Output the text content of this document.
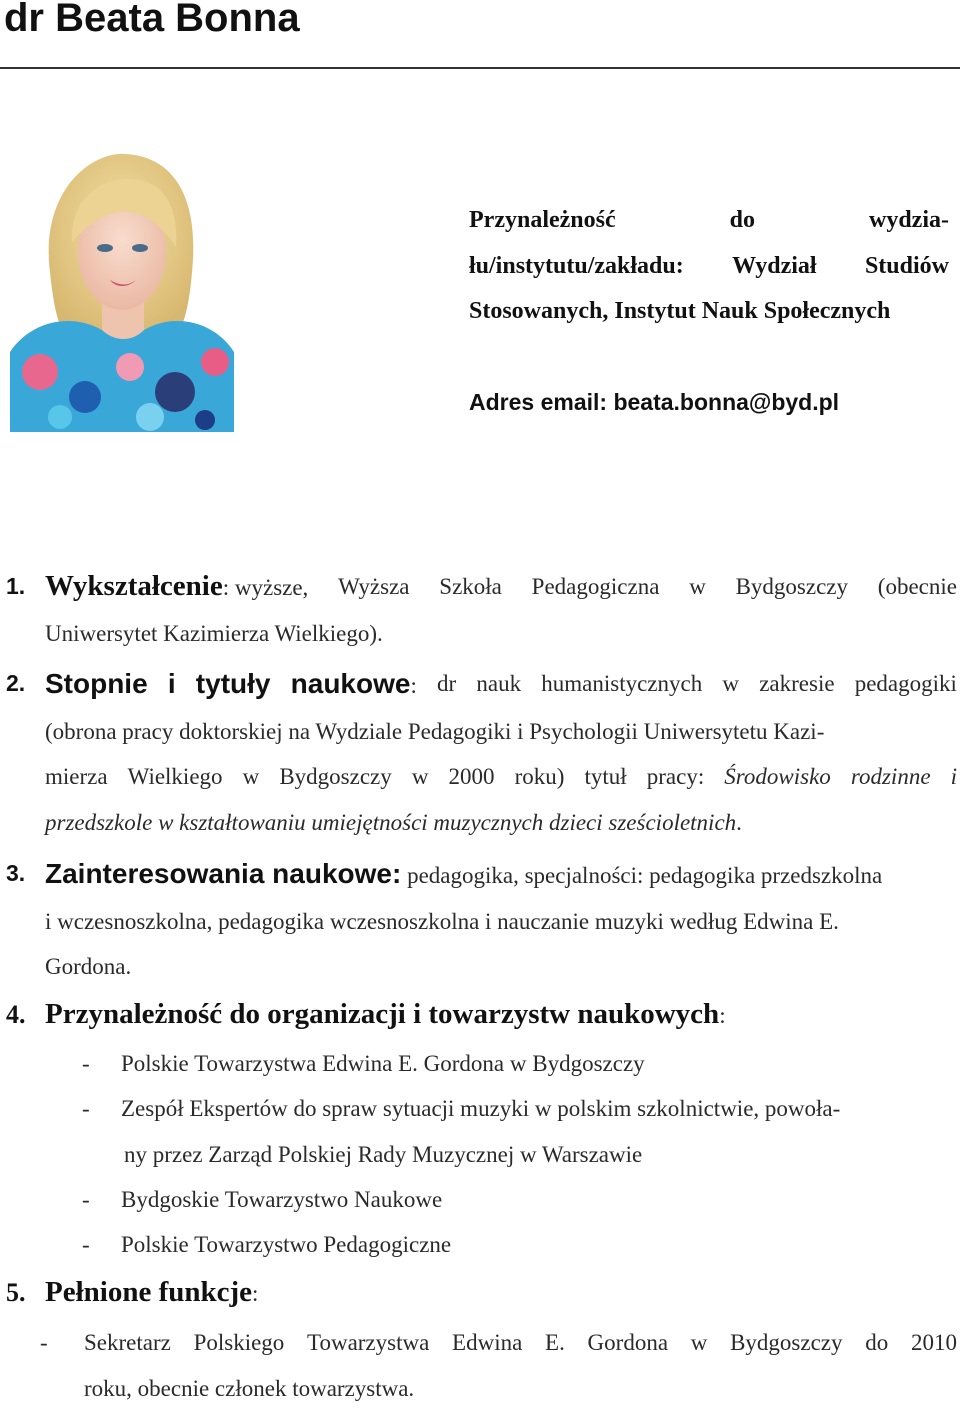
dr Beata Bonna
Przynależność	do	wydzia-
łu/instytutu/zakładu: Wydział Studiów
Stosowanych, Instytut Nauk Społecznych
Adres email: beata.bonna@byd.pl
1. Wykształcenie: wyższe, Wyższa Szkoła Pedagogiczna w Bydgoszczy (obecnie
Uniwersytet Kazimierza Wielkiego).
2. Stopnie i tytuły naukowe: dr nauk humanistycznych w zakresie pedagogiki
(obrona pracy doktorskiej na Wydziale Pedagogiki i Psychologii Uniwersytetu Kazi-
mierza Wielkiego w Bydgoszczy w 2000 roku) tytuł pracy: Środowisko rodzinne i
przedszkole w kształtowaniu umiejętności muzycznych dzieci sześcioletnich.
3. Zainteresowania naukowe: pedagogika, specjalności: pedagogika przedszkolna
i wczesnoszkolna, pedagogika wczesnoszkolna i nauczanie muzyki według Edwina E.
Gordona.
4. Przynależność do organizacji i towarzystw naukowych:
- Polskie Towarzystwa Edwina E. Gordona w Bydgoszczy
- Zespół Ekspertów do spraw sytuacji muzyki w polskim szkolnictwie, powoła-
ny przez Zarząd Polskiej Rady Muzycznej w Warszawie
- Bydgoskie Towarzystwo Naukowe
- Polskie Towarzystwo Pedagogiczne
5. Pełnione funkcje:
- Sekretarz Polskiego Towarzystwa Edwina E. Gordona w Bydgoszczy do 2010
roku, obecnie członek towarzystwa.
